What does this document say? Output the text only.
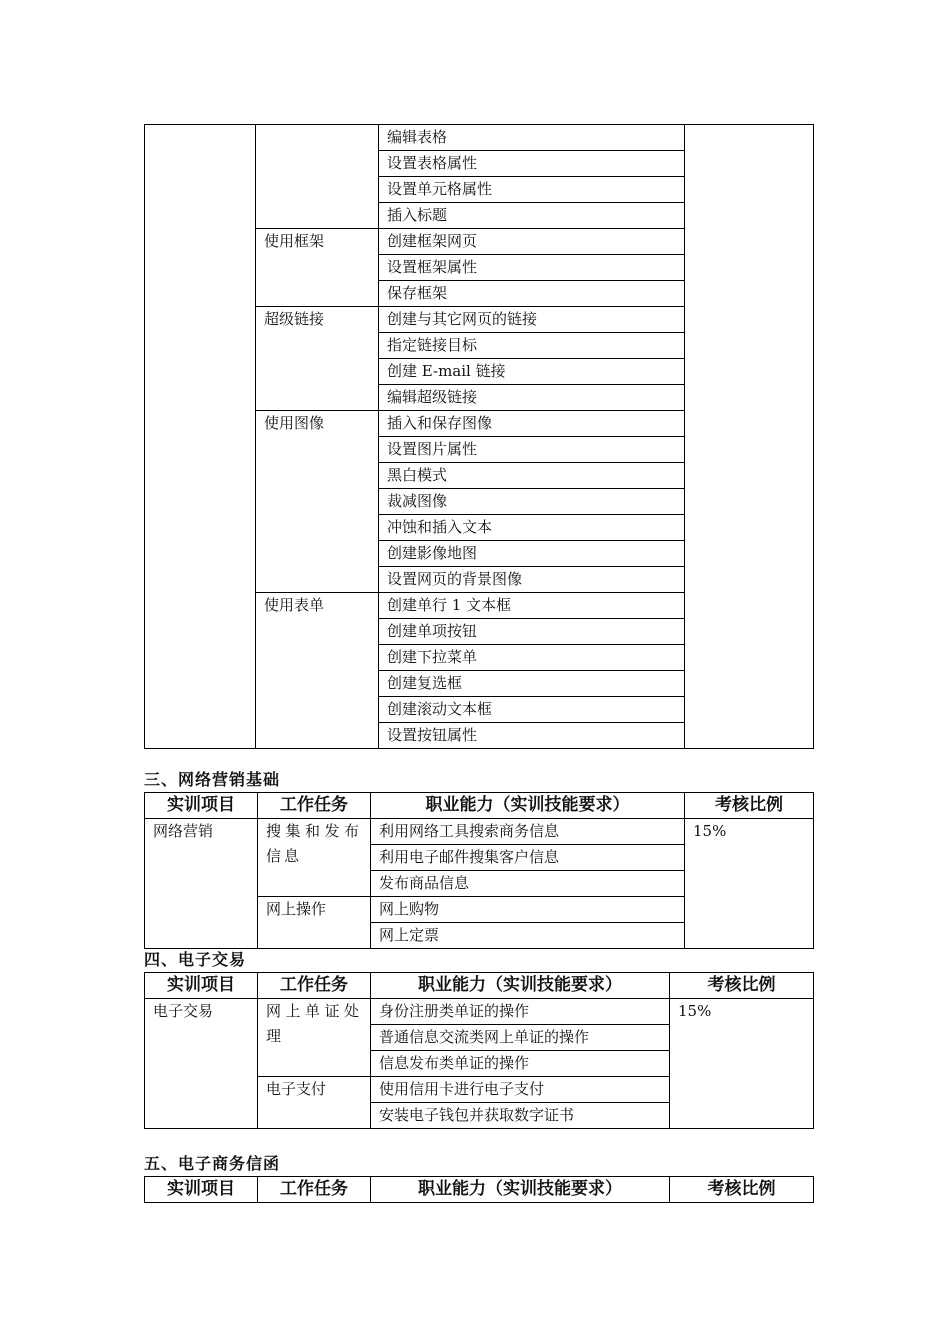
		编辑表格	
		设置表格属性	
		设置单元格属性	
		插入标题	
	使用框架	创建框架网页	
		设置框架属性	
		保存框架	
	超级链接	创建与其它网页的链接	
		指定链接目标	
		创建 E-mail 链接	
		编辑超级链接	
	使用图像	插入和保存图像	
		设置图片属性	
		黑白模式	
		裁减图像	
		冲蚀和插入文本	
		创建影像地图	
		设置网页的背景图像	
	使用表单	创建单行 1 文本框	
		创建单项按钮	
		创建下拉菜单	
		创建复选框	
		创建滚动文本框	
		设置按钮属性	
三、网络营销基础
实训项目	工作任务	职业能力（实训技能要求）	考核比例
网络营销	搜集和发布信息	利用网络工具搜索商务信息	15%
		利用电子邮件搜集客户信息	
		发布商品信息	
	网上操作	网上购物	
		网上定票	
四、电子交易
实训项目	工作任务	职业能力（实训技能要求）	考核比例
电子交易	网上单证处理	身份注册类单证的操作	15%
		普通信息交流类网上单证的操作	
		信息发布类单证的操作	
	电子支付	使用信用卡进行电子支付	
		安装电子钱包并获取数字证书	
五、电子商务信函
实训项目	工作任务	职业能力（实训技能要求）	考核比例
